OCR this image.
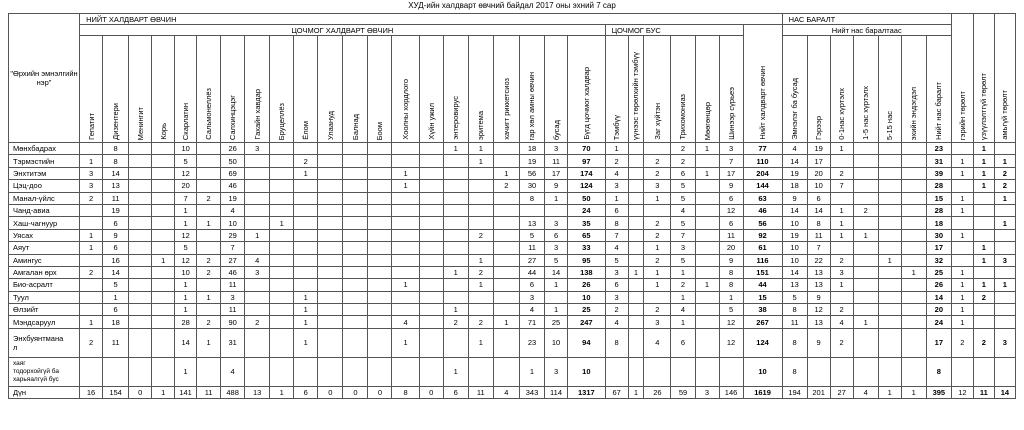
ХУД-ийн халдварт өвчний байдал 2017 оны эхний 7 сар
"Өрхийн эмнэлгийн нэр"	НИЙТ ХАЛДВАРТ ӨВЧИН																												НАС БАРАЛТ							гэрийн төрөлт	үзүүлэлтгүй төрөлт	амьгүй төрөлт

	ЦОЧМОГ ХАЛДВАРТ ӨВЧИН																					ЦОЧМОГ БУС						Нийт халдварт өвчин	Нийт нас баралтаас									

	Гепатит	Дизентери	Менингит	Корь	Скарлатин	Сальмонеллёз	Салхинцэцэг	Гахайн хавдар	Бруцеллёз	Ёлом	Улаануд	Балнад	Боом	Хоолны хордлого	Хүйн ужил	энтеровирус	эритема	хачигт риккетсиоз	гар хөл амны өвчин	бусад	Бүгд цочмог халдвар	Тэмбүү	үүнээс төрөлхийн тэмбүү	Заг хүйтэн	Трихомониаз	Мөөгөнцөр	Шинээр сүрьеэ		Эмнэлэг ба бусад	Гэрээр	0-1нас хүртэлх	1-5 нас хүртэлх	5-15 нас	эхийн эндэгдэл	Нийт нас баралт			

Мөнхбадрах		8			10		26	3								1	1		18	3	70	1			2	1	3	77	4	19	1				23		1	
Тэрмэстийн	1	8			5		50			2							1		19	11	97	2		2	2		7	110	14	17					31	1	1	1
Энхтитэм	3	14			12		69			1				1				1	56	17	174	4		2	6	1	17	204	19	20	2				39	1	1	2
Цэц-доо	3	13			20		46							1				2	30	9	124	3		3	5		9	144	18	10	7				28		1	2
Манал-үйлс	2	11			7	2	19												8	1	50	1		1	5		6	63	9	6					15	1		1
Чанд-авиа		19			1		4														24	6			4		12	46	14	14	1	2			28	1		
Хаш-чагнуур		6			1	1	10		1										13	3	35	8		2	5		6	56	10	8	1				18			1
Уясах	1	9			12		29	1									2		5	6	65	7		2	7		11	92	19	11	1	1			30	1		
Аяут	1	6			5		7												11	3	33	4		1	3		20	61	10	7					17		1	
Амингус		16		1	12	2	27	4									1		27	5	95	5		2	5		9	116	10	22	2		1		32		1	3
Амгалан өрх	2	14			10	2	46	3								1	2		44	14	138	3	1	1	1		8	151	14	13	3			1	25	1		
Био-асралт		5			1		11							1			1		6	1	26	6		1	2	1	8	44	13	13	1				26	1	1	1
Туул		1			1	1	3			1									3		10	3			1		1	15	5	9					14	1	2	
Өлзийт		6			1		11			1						1			4	1	25	2		2	4		5	38	8	12	2				20	1		
Мэндсаруул	1	18			28	2	90	2		1				4		2	2	1	71	25	247	4		3	1		12	267	11	13	4	1			24	1		
Энхбуянтмана
л	2	11			14	1	31			1				1			1		23	10	94	8		4	6		12	124	8	9	2				17	2	2	3
хаяг
тодорхойгүй ба
харьяалгүй бус					1		4									1			1	3	10							10	8						8			
Дүн	16	154	0	1	141	11	488	13	1	6	0	0	0	8	0	6	11	4	343	114	1317	67	1	26	59	3	146	1619	194	201	27	4	1	1	395	12	11	14
